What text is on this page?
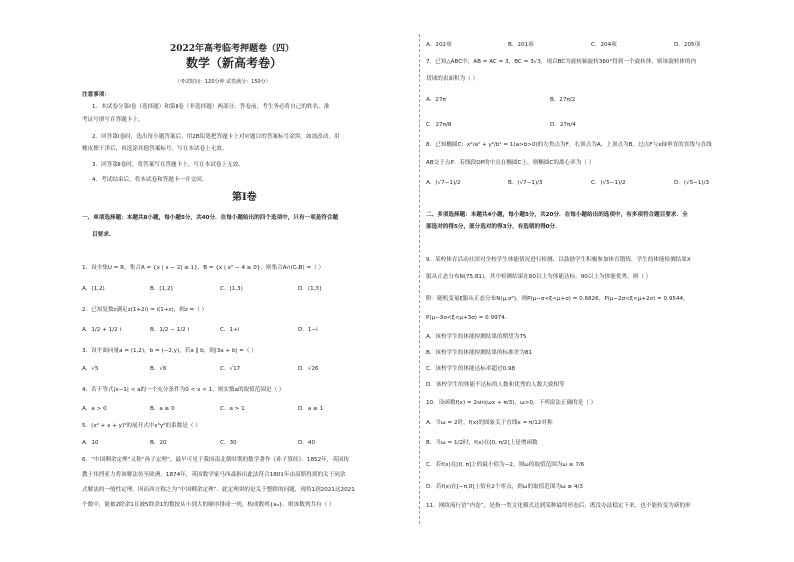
2022年高考临考押题卷（四）
数学（新高考卷）
（考试时间：120分钟 试卷满分：150分）
注意事项：
1．本试卷分第Ⅰ卷（选择题）和第Ⅱ卷（非选择题）两部分。答卷前，考生务必将自己的姓名、准
考证号填写在答题卡上。
2．回答第Ⅰ卷时，选出每小题答案后，用2B铅笔把答题卡上对应题目的答案标号涂黑。如需改动，用
橡皮擦干净后，再选涂其他答案标号。写在本试卷上无效。
3．回答第Ⅱ卷时，将答案写在答题卡上。写在本试卷上无效。
4．考试结束后，将本试卷和答题卡一并交回。
第Ⅰ卷
一、单项选择题：本题共8小题，每小题5分，共40分．在每小题给出的四个选项中，只有一项是符合题
目要求.
1．设全集U = R，集合A = {x | x − 2| ≤ 1}，B = {x | x² − 4 ≥ 0}，则集合A∩(∁ᵤB) =（ ）
A．(1,2)	B．[1,2]	C．[1,3)	D．(1,3]
2．已知复数z满足z(1+2i) = i(1+z)，则z =（ ）
A．1/2 + 1/2 i	B．1/2 − 1/2 i	C．1+i	D．1−i
3．设平面向量a = (1,2)，b = (−2,y)，若a ∥ b，则|3a + b| =（ ）
A．√5	B．√6	C．√17	D．√26
4．若不等式|x−1| < a的一个充分条件为0 < x < 1，则实数a的取值范围是（ ）
A．a > 0	B．a ≥ 0	C．a > 1	D．a ≥ 1
5．(x² + x + y)⁵的展开式中x⁵y²的系数是（ ）
A．10	B．20	C．30	D．40
6．“中国剩余定理”又称“孙子定理”，最早可见于我国南北朝时期的数学著作《孙子算经》．1852年，英国传
教士伟烈亚力将该解法传至欧洲，1874年，英国数学家马西森指出此法符合1801年由高斯得到的关于同余
式解法的一般性定理，因而西方称之为“中国剩余定理”．此定理讲的是关于整除的问题，现将1到2021这2021
个数中，能被2除余1且被5除余1的数按从小到大的顺序排成一列，构成数列{aₙ}，则该数列共有（ ）
A．202项	B．201项	C．204项	D．205项
7．已知△ABC中，AB = AC = 3，BC = 3√3，现以BC为旋转轴旋转360°得到一个旋转体，则该旋转体的内
切球的表面积为（ ）
A．27π	B．27π/2
C．27π/8	D．27π/4
8．已知椭圆C：x²/a² + y²/b² = 1(a>b>0)的左焦点为F，右顶点为A，上顶点为B，过点F与x轴垂直的直线与直线
AB交于点P．若线段OP的中点在椭圆C上，则椭圆C的离心率为（ ）
A．(√7−1)/2	B．(√7−1)/3	C．(√5−1)/2	D．(√5−1)/3
二、多项选择题：本题共4小题，每小题5分，共20分．在每小题给出的选项中，有多项符合题目要求．全
部选对的得5分，部分选对的得3分，有选错的得0分．
9．某校体育活动社团对全校学生体能情况进行检测，以鼓励学生积极参加体育锻炼．学生的体能检测结果X
服从正态分布N(75,81)，其中检测结果在60以上为体能达标，90以上为体能优秀，则（ ）
附：随机变量ξ服从正态分布N(μ,σ²)，则P(μ−σ<ξ<μ+σ) = 0.6826，P(μ−2σ<ξ<μ+2σ) = 0.9544，
P(μ−3σ<ξ<μ+3σ) = 0.9974.
A．该校学生的体能检测结果的期望为75
B．该校学生的体能检测结果的标准差为81
C．该校学生的体能达标率超过0.98
D．该校学生的体能不达标的人数和优秀的人数大致相等
10．设函数f(x) = 2sin(ωx + π/3)，ω>0，下列说法正确的是（ ）
A．当ω = 2时，f(x)的图象关于直线x = π/12对称
B．当ω = 1/2时，f(x)在[0, π/2]上是增函数
C．若f(x)在[0, π]上的最小值为−2，则ω的取值范围为ω ≥ 7/6
D．若f(x)在[−π,0]上恰有2个零点，则ω的取值范围为ω ≥ 4/3
11．网络流行语“内卷”，是指一类文化模式达到某种最终形态后，既没办法稳定下来，也不能转变为新的形
